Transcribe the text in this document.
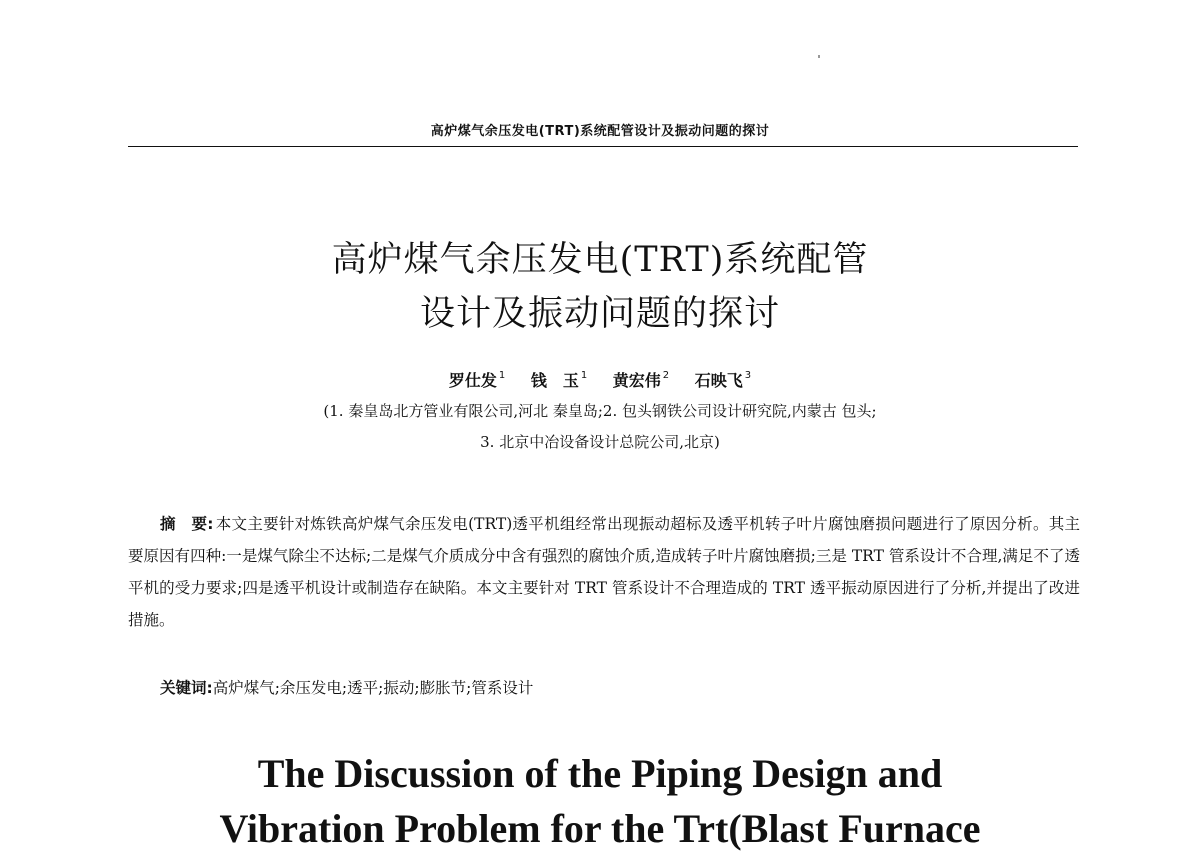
高炉煤气余压发电(TRT)系统配管设计及振动问题的探讨
高炉煤气余压发电(TRT)系统配管
设计及振动问题的探讨
罗仕发 $^1$ 钱　玉 $^1$ 黄宏伟 $^2$ 石映飞 $^3$
(1. 秦皇岛北方管业有限公司,河北 秦皇岛;2. 包头钢铁公司设计研究院,内蒙古 包头;
3. 北京中冶设备设计总院公司,北京)
摘　要: 本文主要针对炼铁高炉煤气余压发电(TRT)透平机组经常出现振动超标及透平机转子叶片腐蚀磨损问题进行了原因分析。其主要原因有四种:一是煤气除尘不达标;二是煤气介质成分中含有强烈的腐蚀介质,造成转子叶片腐蚀磨损;三是 TRT 管系设计不合理,满足不了透平机的受力要求;四是透平机设计或制造存在缺陷。本文主要针对 TRT 管系设计不合理造成的 TRT 透平振动原因进行了分析,并提出了改进措施。
关键词:高炉煤气;余压发电;透平;振动;膨胀节;管系设计
The Discussion of the Piping Design and
Vibration Problem for the Trt(Blast Furnace
